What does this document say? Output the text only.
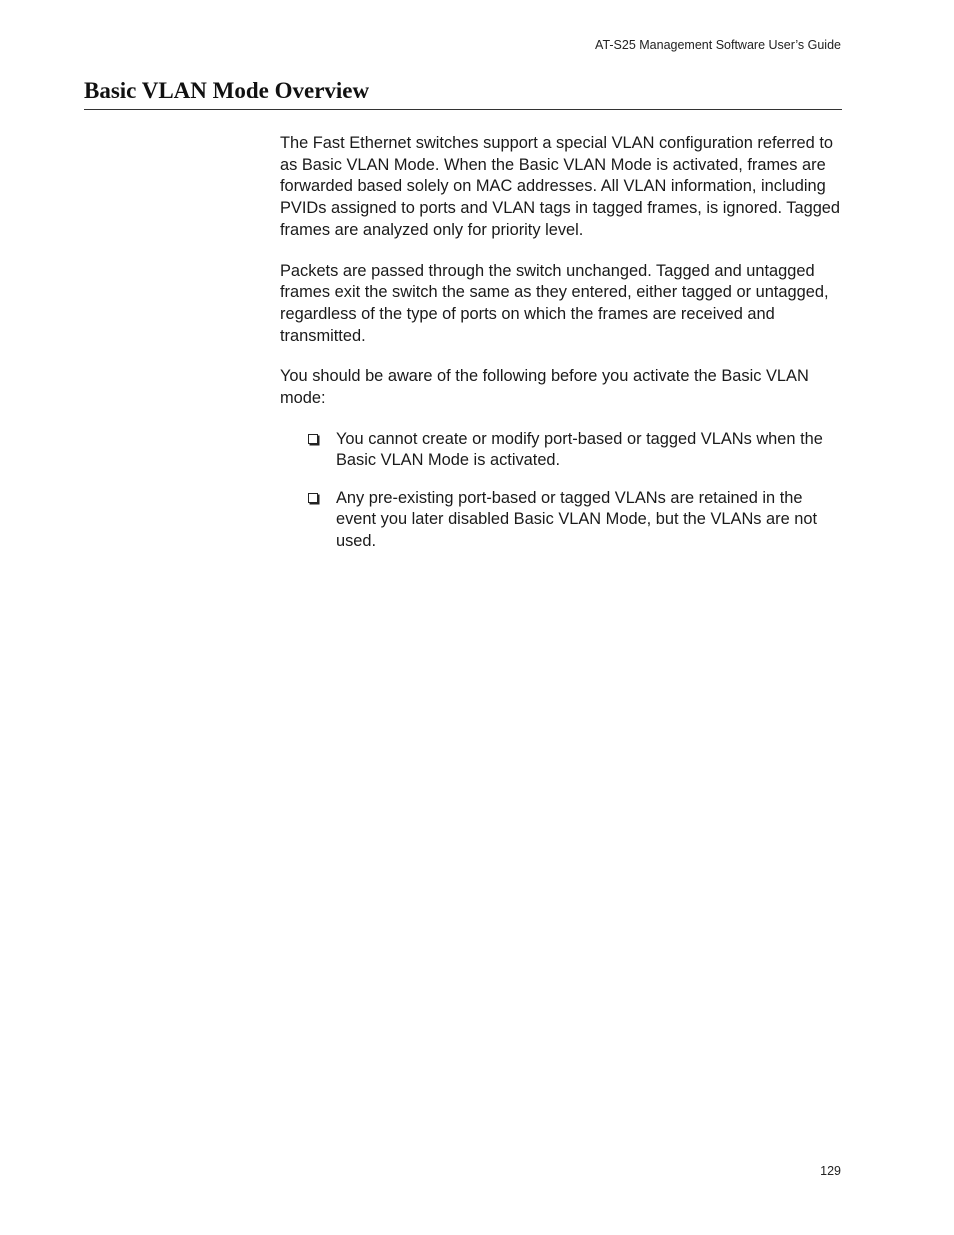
AT-S25 Management Software User’s Guide
Basic VLAN Mode Overview

The Fast Ethernet switches support a special VLAN configuration referred to as Basic VLAN Mode. When the Basic VLAN Mode is activated, frames are forwarded based solely on MAC addresses. All VLAN information, including PVIDs assigned to ports and VLAN tags in tagged frames, is ignored. Tagged frames are analyzed only for priority level.

Packets are passed through the switch unchanged. Tagged and untagged frames exit the switch the same as they entered, either tagged or untagged, regardless of the type of ports on which the frames are received and transmitted.

You should be aware of the following before you activate the Basic VLAN mode:

You cannot create or modify port-based or tagged VLANs when the Basic VLAN Mode is activated.
Any pre-existing port-based or tagged VLANs are retained in the event you later disabled Basic VLAN Mode, but the VLANs are not used.
129
